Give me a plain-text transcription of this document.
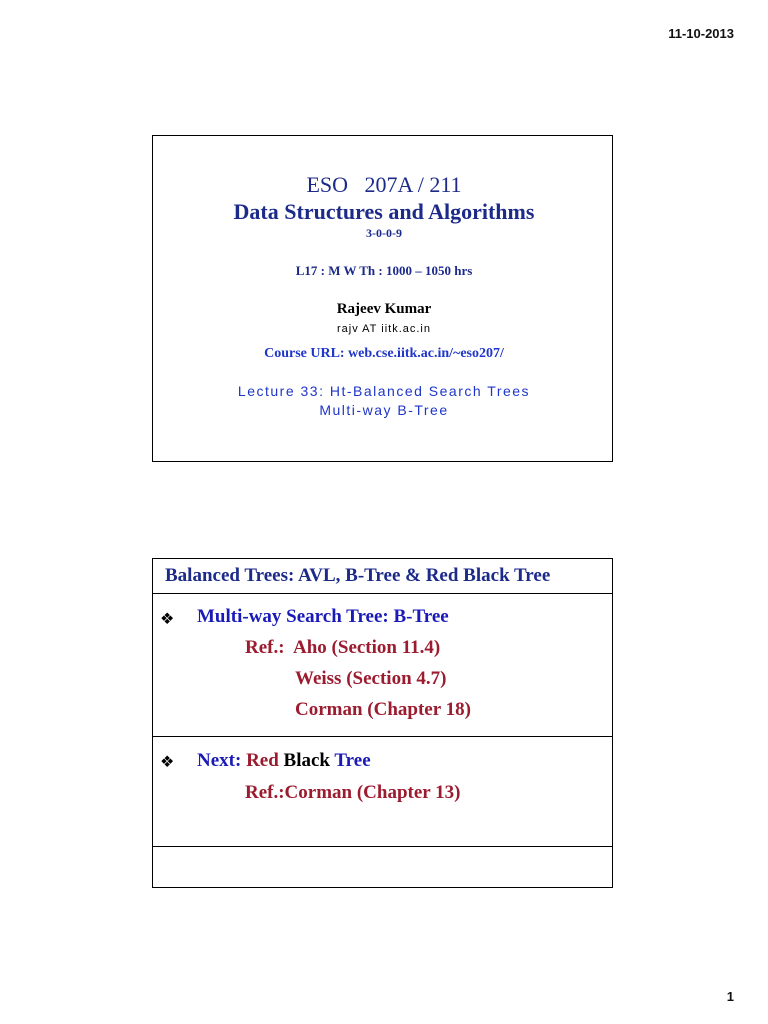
11-10-2013
ESO   207A / 211
Data Structures and Algorithms
3-0-0-9
L17 : M W Th : 1000 – 1050 hrs
Rajeev Kumar
rajv AT iitk.ac.in
Course URL: web.cse.iitk.ac.in/~eso207/
Lecture 33: Ht-Balanced Search Trees
Multi-way B-Tree
Balanced Trees: AVL, B-Tree & Red Black Tree
❖ Multi-way Search Tree: B-Tree
Ref.:  Aho (Section 11.4)
Weiss (Section 4.7)
Corman (Chapter 18)
❖ Next: Red Black Tree
Ref.:Corman (Chapter 13)
1
